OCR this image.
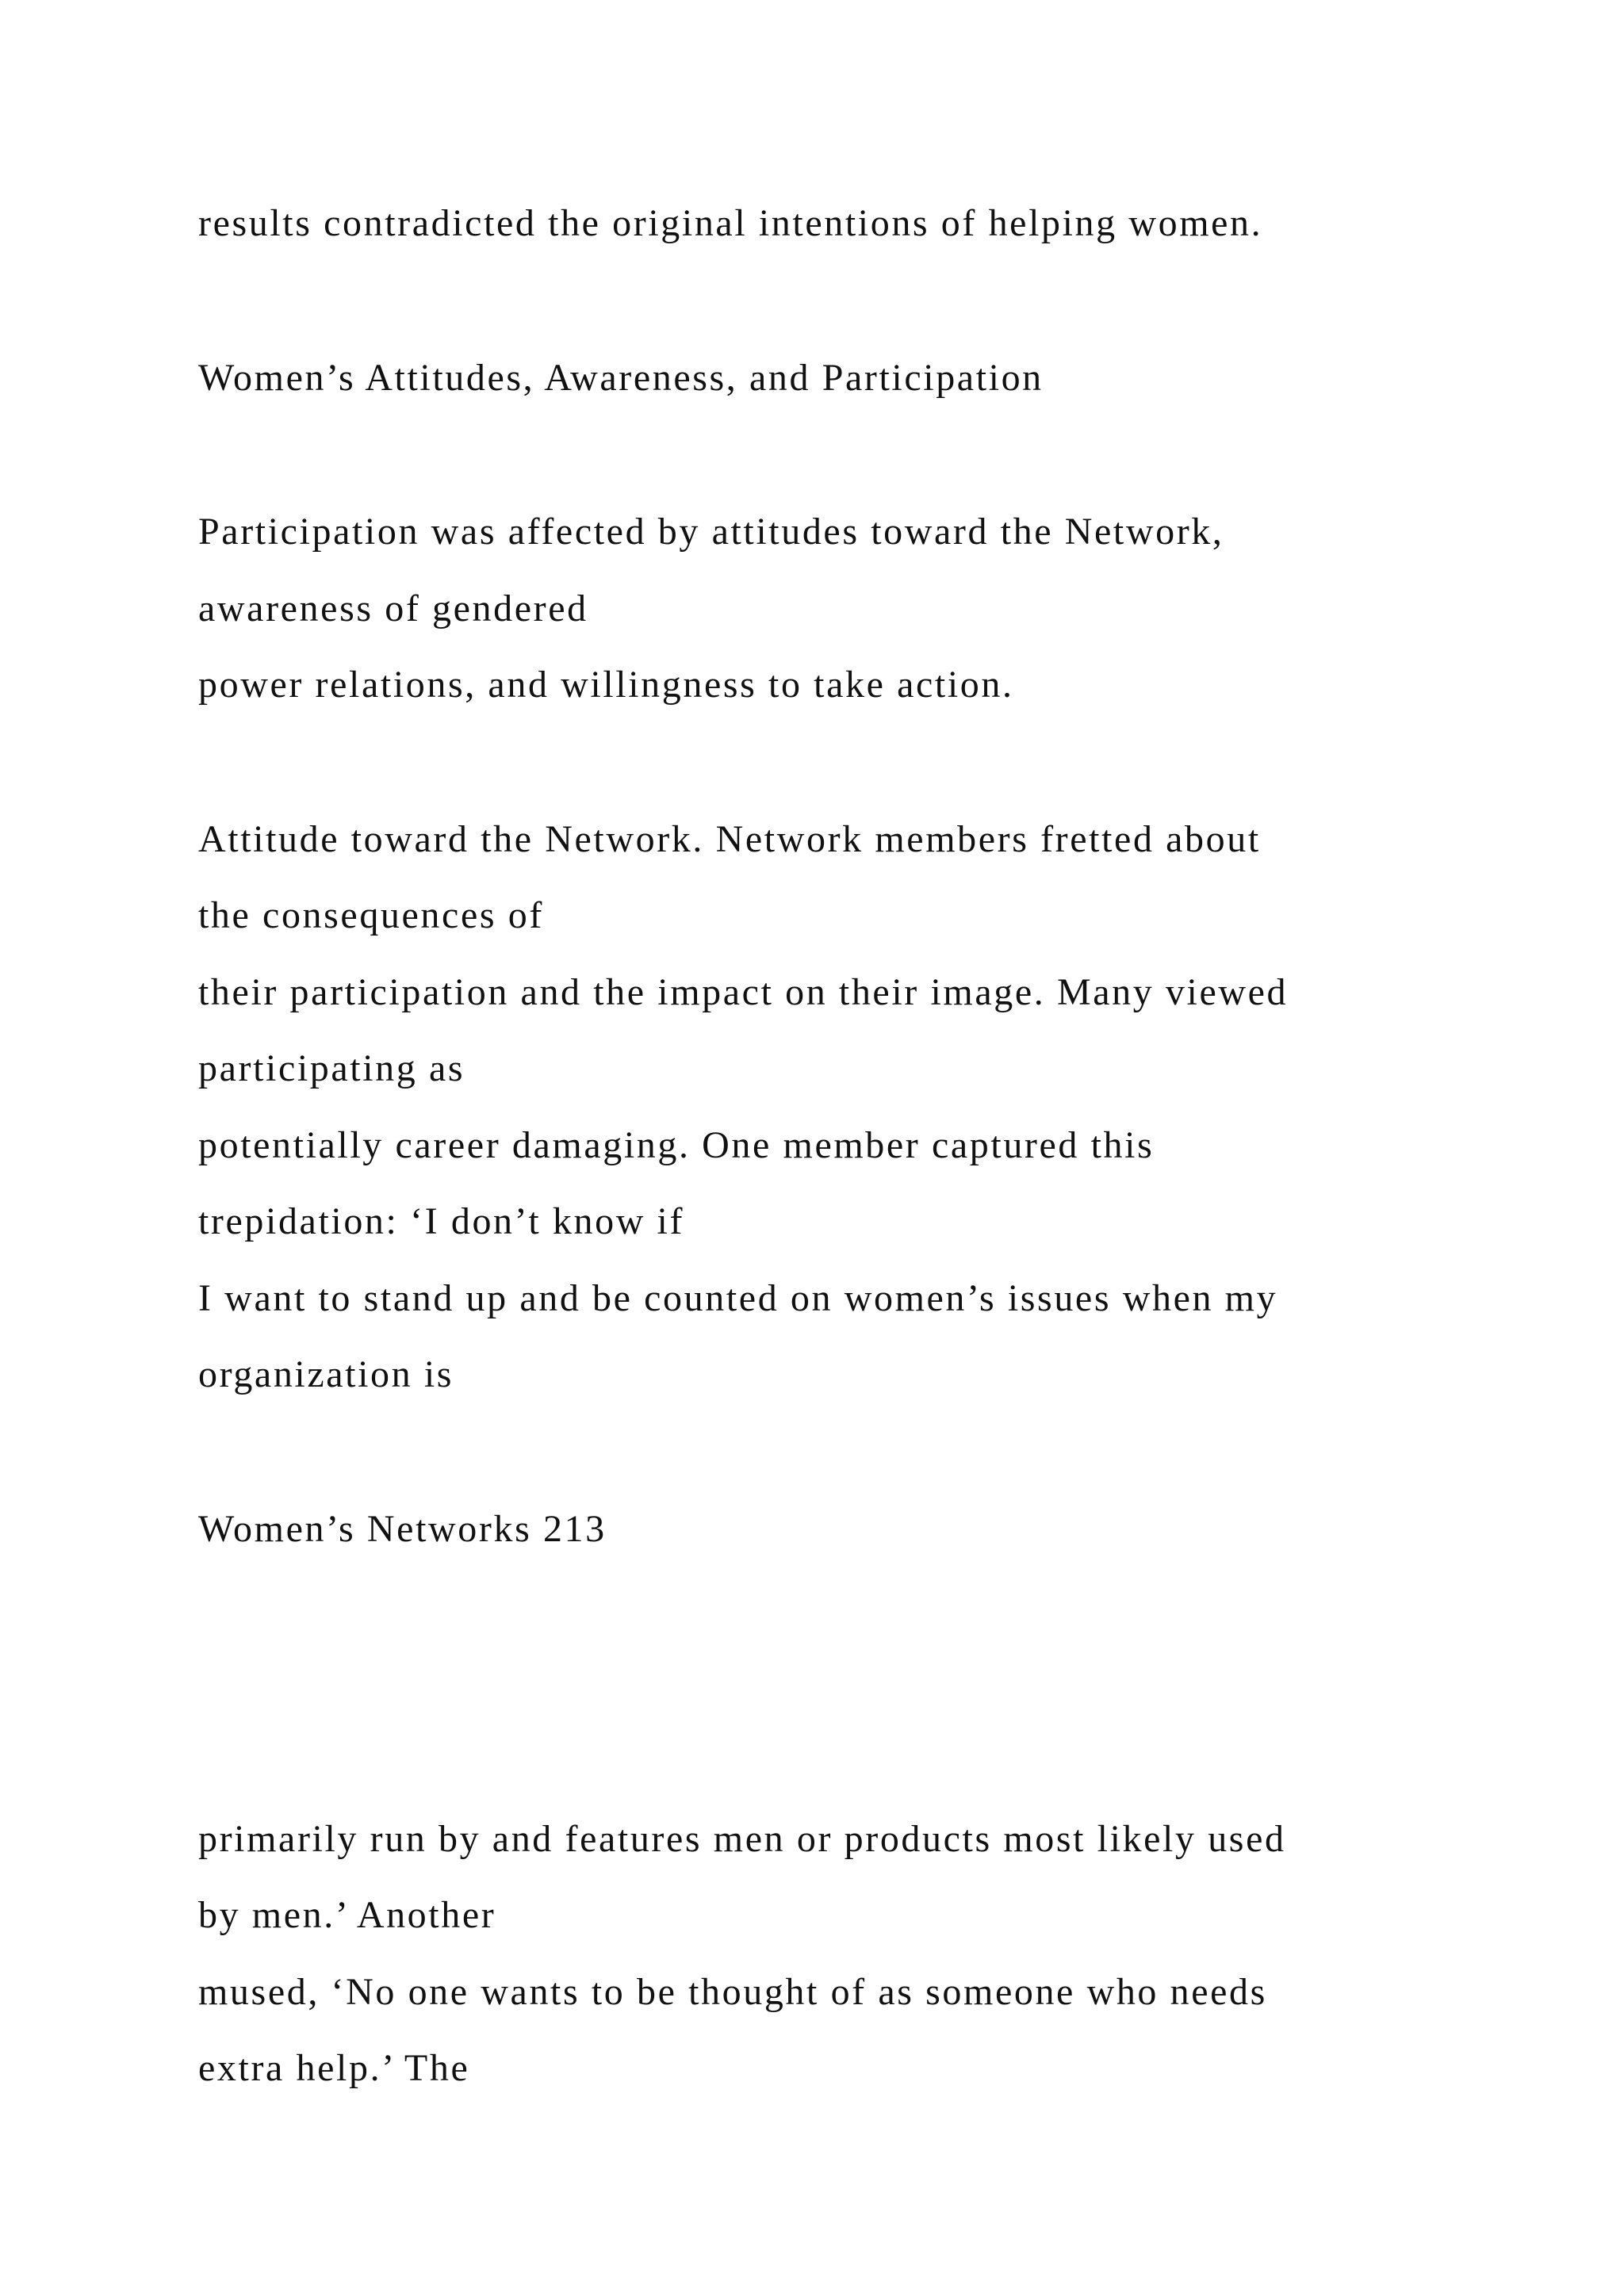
results contradicted the original intentions of helping women.

Women’s Attitudes, Awareness, and Participation

Participation was affected by attitudes toward the Network,

awareness of gendered

power relations, and willingness to take action.

Attitude toward the Network. Network members fretted about

the consequences of

their participation and the impact on their image. Many viewed

participating as

potentially career damaging. One member captured this

trepidation: ‘I don’t know if

I want to stand up and be counted on women’s issues when my

organization is

Women’s Networks 213

primarily run by and features men or products most likely used

by men.’ Another

mused, ‘No one wants to be thought of as someone who needs

extra help.’ The
